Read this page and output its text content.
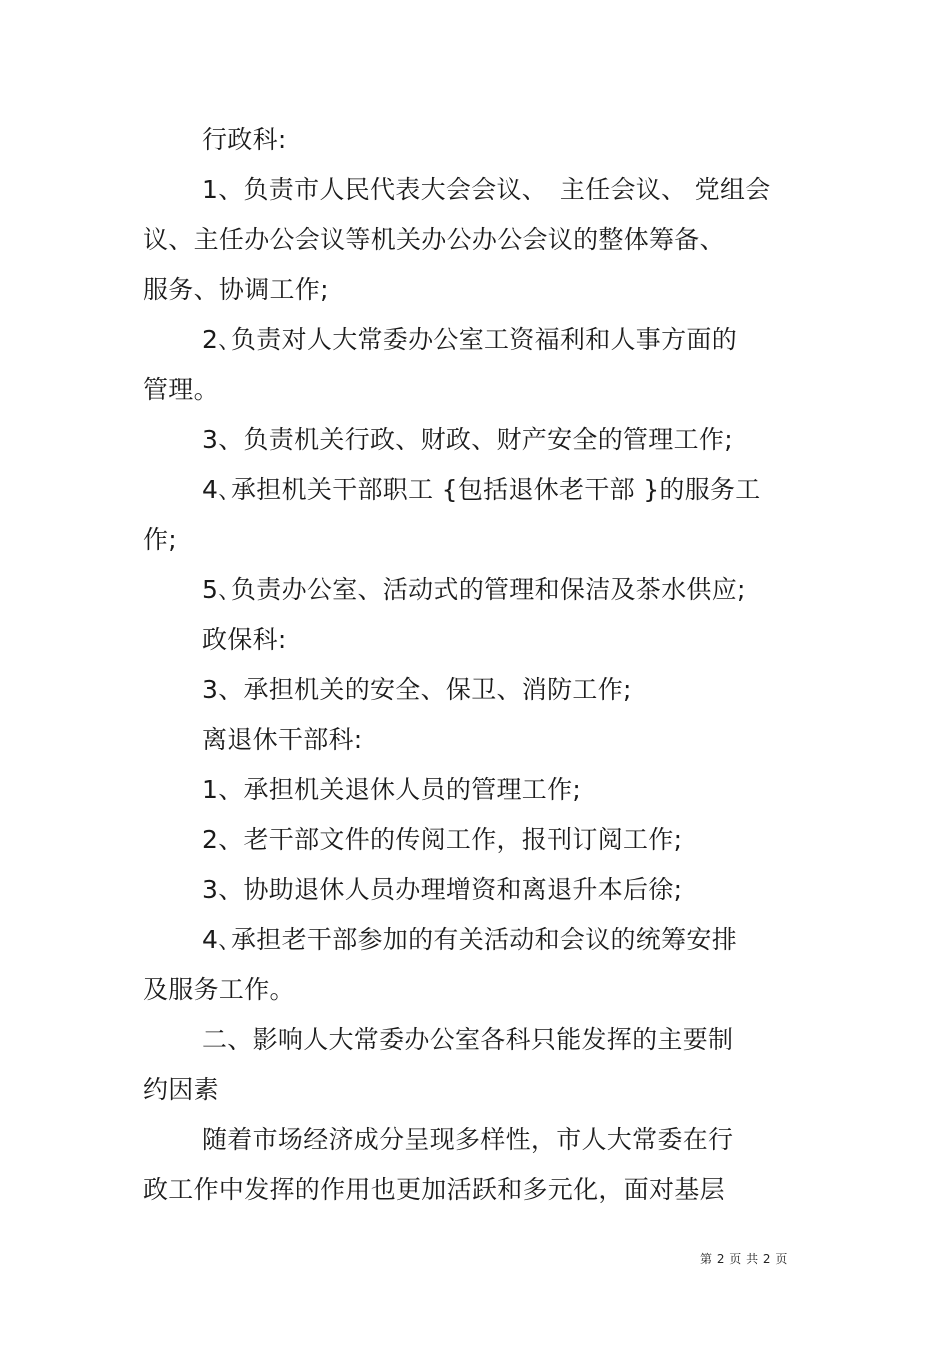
行政科:
1、负责市人民代表大会会议、　主任会议、 党组会
议、主任办公会议等机关办公办公会议的整体筹备、
服务、协调工作;
2､负责对人大常委办公室工资福利和人事方面的
管理。
3、负责机关行政、财政、财产安全的管理工作;
4､承担机关干部职工 {包括退休老干部 }的服务工
作;
5､负责办公室、活动式的管理和保洁及茶水供应;
政保科:
3、承担机关的安全、保卫、消防工作;
离退休干部科:
1、承担机关退休人员的管理工作;
2、老干部文件的传阅工作，报刊订阅工作;
3、协助退休人员办理增资和离退升本后徐;
4､承担老干部参加的有关活动和会议的统筹安排
及服务工作。
二、影响人大常委办公室各科只能发挥的主要制
约因素
随着市场经济成分呈现多样性，市人大常委在行
政工作中发挥的作用也更加活跃和多元化，面对基层
第 2 页 共 2 页
